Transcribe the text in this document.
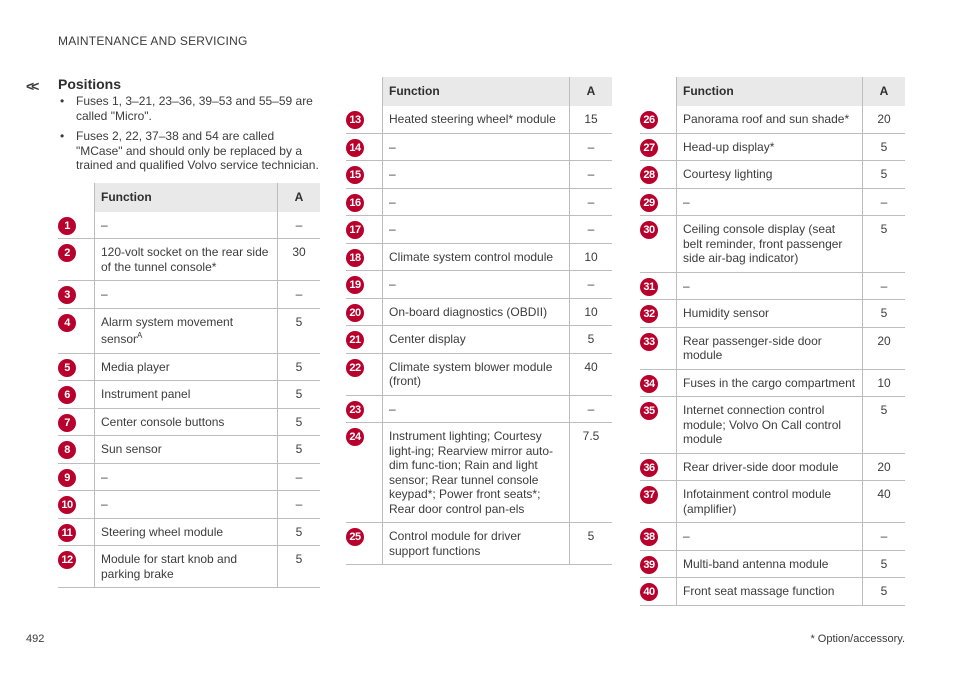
MAINTENANCE AND SERVICING
<< Positions
• Fuses 1, 3–21, 23–36, 39–53 and 55–59 are called "Micro".
• Fuses 2, 22, 37–38 and 54 are called "MCase" and should only be replaced by a trained and qualified Volvo service technician.
	Function	A
1	–	–
2	120-volt socket on the rear side of the tunnel console*	30
3	–	–
4	Alarm system movement sensor$^A$	5
5	Media player	5
6	Instrument panel	5
7	Center console buttons	5
8	Sun sensor	5
9	–	–
10	–	–
11	Steering wheel module	5
12	Module for start knob and parking brake	5
	Function	A
13	Heated steering wheel* module	15
14	–	–
15	–	–
16	–	–
17	–	–
18	Climate system control module	10
19	–	–
20	On-board diagnostics (OBDII)	10
21	Center display	5
22	Climate system blower module (front)	40
23	–	–
24	Instrument lighting; Courtesy light-ing; Rearview mirror auto-dim func-tion; Rain and light sensor; Rear tunnel console keypad*; Power front seats*; Rear door control pan-els	7.5
25	Control module for driver support functions	5
	Function	A
26	Panorama roof and sun shade*	20
27	Head-up display*	5
28	Courtesy lighting	5
29	–	–
30	Ceiling console display (seat belt reminder, front passenger side air-bag indicator)	5
31	–	–
32	Humidity sensor	5
33	Rear passenger-side door module	20
34	Fuses in the cargo compartment	10
35	Internet connection control module; Volvo On Call control module	5
36	Rear driver-side door module	20
37	Infotainment control module (amplifier)	40
38	–	–
39	Multi-band antenna module	5
40	Front seat massage function	5
492	* Option/accessory.
